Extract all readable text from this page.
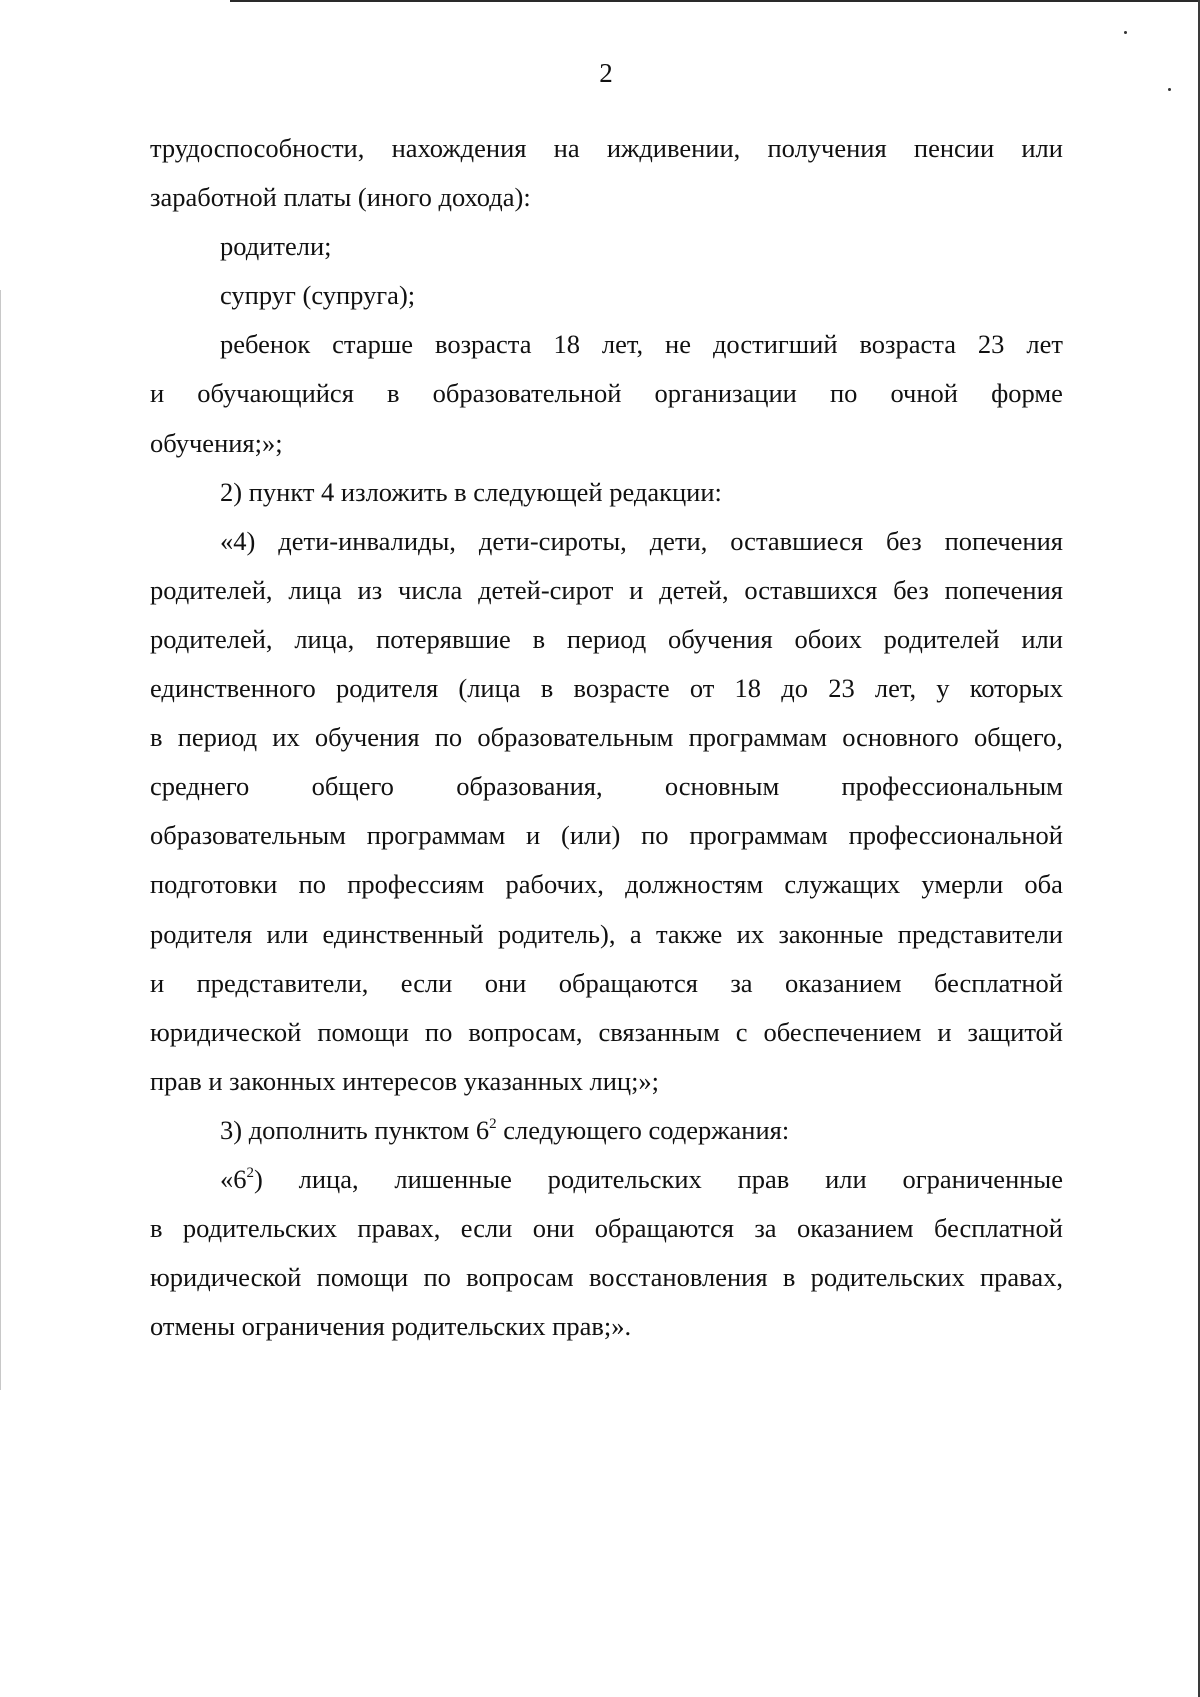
2
трудоспособности, нахождения на иждивении, получения пенсии или
заработной платы (иного дохода):
родители;
супруг (супруга);
ребенок старше возраста 18 лет, не достигший возраста 23 лет
и обучающийся в образовательной организации по очной форме
обучения;»;
2) пункт 4 изложить в следующей редакции:
«4) дети-инвалиды, дети-сироты, дети, оставшиеся без попечения
родителей, лица из числа детей-сирот и детей, оставшихся без попечения
родителей, лица, потерявшие в период обучения обоих родителей или
единственного родителя (лица в возрасте от 18 до 23 лет, у которых
в период их обучения по образовательным программам основного общего,
среднего общего образования, основным профессиональным
образовательным программам и (или) по программам профессиональной
подготовки по профессиям рабочих, должностям служащих умерли оба
родителя или единственный родитель), а также их законные представители
и представители, если они обращаются за оказанием бесплатной
юридической помощи по вопросам, связанным с обеспечением и защитой
прав и законных интересов указанных лиц;»;
3) дополнить пунктом $6^2$ следующего содержания:
«$6^2$) лица, лишенные родительских прав или ограниченные
в родительских правах, если они обращаются за оказанием бесплатной
юридической помощи по вопросам восстановления в родительских правах,
отмены ограничения родительских прав;».
